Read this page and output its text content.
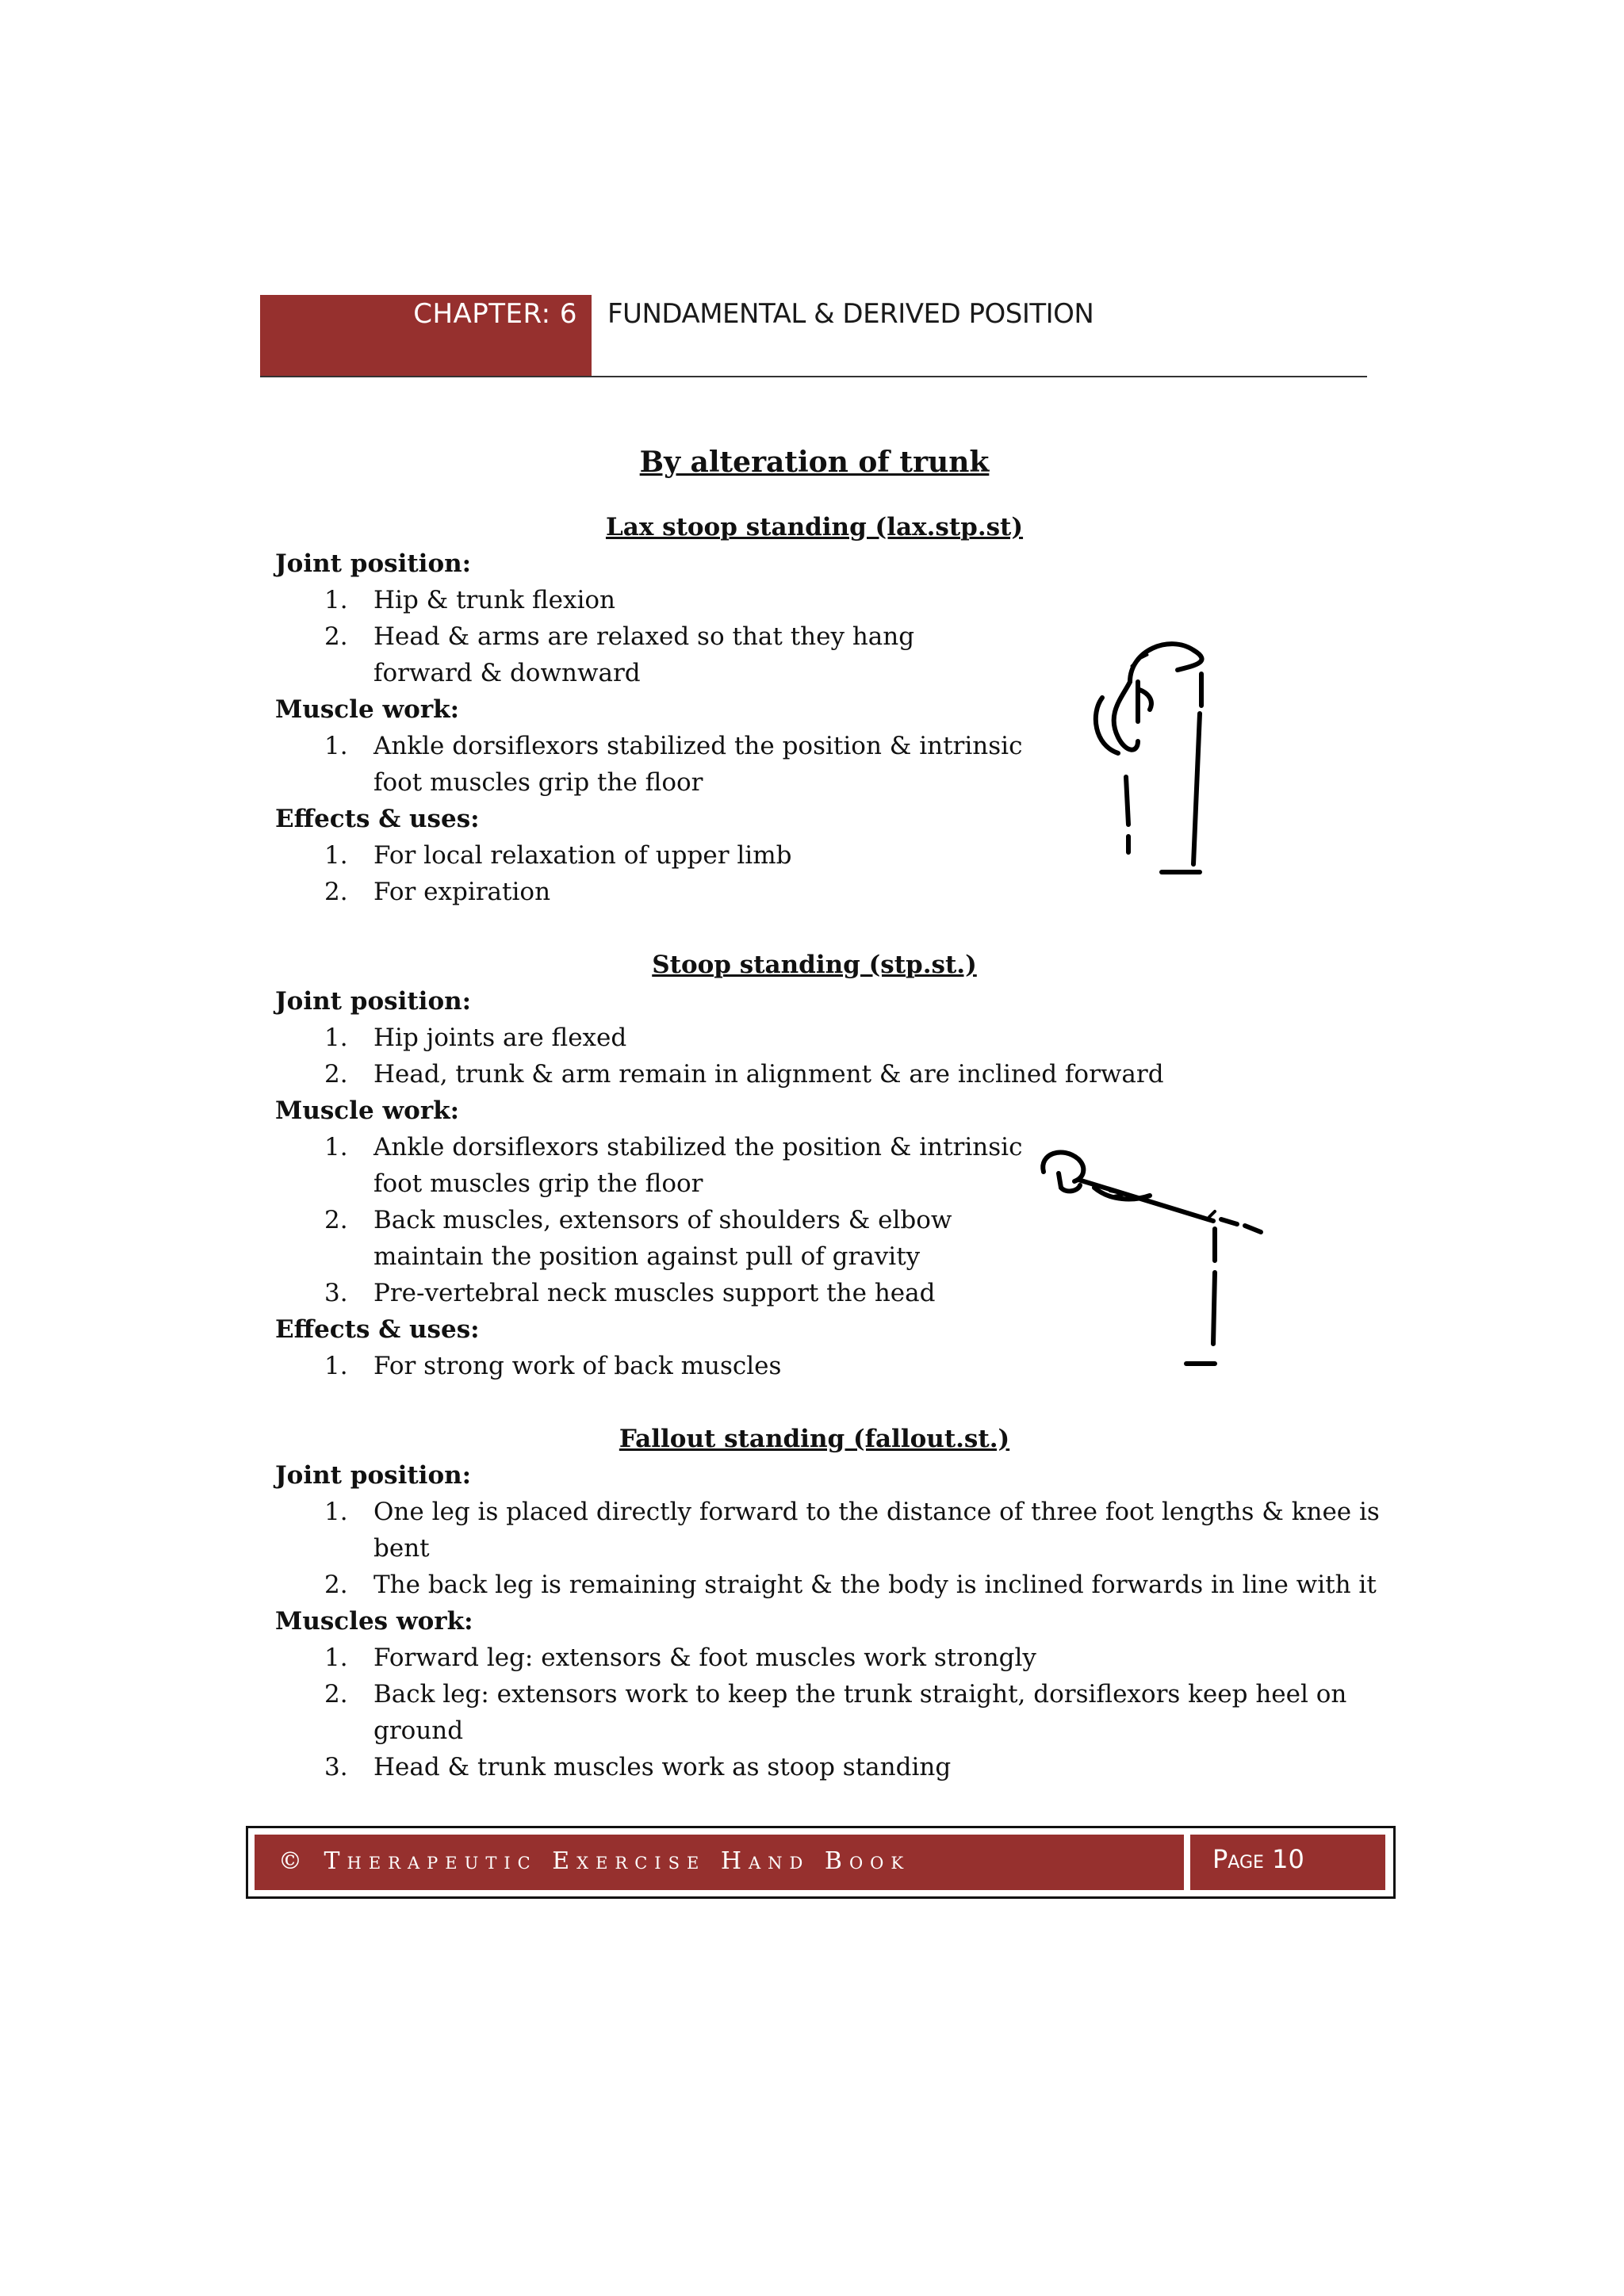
CHAPTER: 6 FUNDAMENTAL & DERIVED POSITION
By alteration of trunk
Lax stoop standing (lax.stp.st)
Joint position:
1. Hip & trunk flexion
2. Head & arms are relaxed so that they hang forward & downward
Muscle work:
1. Ankle dorsiflexors stabilized the position & intrinsic foot muscles grip the floor
Effects & uses:
1. For local relaxation of upper limb
2. For expiration
Stoop standing (stp.st.)
Joint position:
1. Hip joints are flexed
2. Head, trunk & arm remain in alignment & are inclined forward
Muscle work:
1. Ankle dorsiflexors stabilized the position & intrinsic foot muscles grip the floor
2. Back muscles, extensors of shoulders & elbow maintain the position against pull of gravity
3. Pre-vertebral neck muscles support the head
Effects & uses:
1. For strong work of back muscles
Fallout standing (fallout.st.)
Joint position:
1. One leg is placed directly forward to the distance of three foot lengths & knee is bent
2. The back leg is remaining straight & the body is inclined forwards in line with it
Muscles work:
1. Forward leg: extensors & foot muscles work strongly
2. Back leg: extensors work to keep the trunk straight, dorsiflexors keep heel on ground
3. Head & trunk muscles work as stoop standing
© Therapeutic Exercise Hand Book	Page 10
